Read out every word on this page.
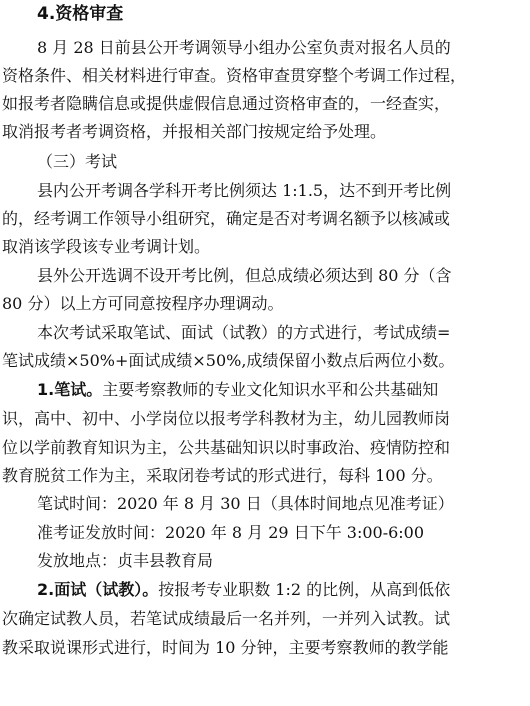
4.资格审查
8 月 28 日前县公开考调领导小组办公室负责对报名人员的
资格条件、相关材料进行审查。资格审查贯穿整个考调工作过程，
如报考者隐瞒信息或提供虚假信息通过资格审查的，一经查实，
取消报考者考调资格，并报相关部门按规定给予处理。
（三）考试
县内公开考调各学科开考比例须达 1:1.5，达不到开考比例
的，经考调工作领导小组研究，确定是否对考调名额予以核减或
取消该学段该专业考调计划。
县外公开选调不设开考比例，但总成绩必须达到 80 分（含
80 分）以上方可同意按程序办理调动。
本次考试采取笔试、面试（试教）的方式进行，考试成绩=
笔试成绩×50%+面试成绩×50%,成绩保留小数点后两位小数。
1.笔试。主要考察教师的专业文化知识水平和公共基础知
识，高中、初中、小学岗位以报考学科教材为主，幼儿园教师岗
位以学前教育知识为主，公共基础知识以时事政治、疫情防控和
教育脱贫工作为主，采取闭卷考试的形式进行，每科 100 分。
笔试时间：2020 年 8 月 30 日（具体时间地点见准考证）
准考证发放时间：2020 年 8 月 29 日下午 3:00-6:00
发放地点：贞丰县教育局
2.面试（试教）。按报考专业职数 1:2 的比例，从高到低依
次确定试教人员，若笔试成绩最后一名并列，一并列入试教。试
教采取说课形式进行，时间为 10 分钟，主要考察教师的教学能
